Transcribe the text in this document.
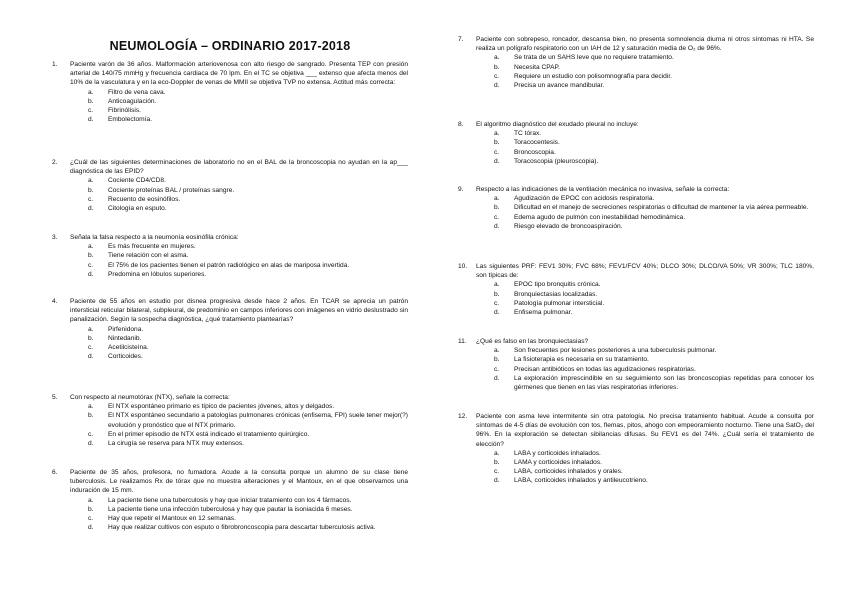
NEUMOLOGÍA – ORDINARIO 2017-2018
1.	Paciente varón de 36 años. Malformación arteriovenosa con alto riesgo de sangrado. Presenta TEP con presión arterial de 140/75 mmHg y frecuencia cardiaca de 70 lpm. En el TC se objetiva ___ extenso que afecta menos del 10% de la vasculatura y en la eco-Doppler de venas de MMII se objetiva TVP no extensa. Actitud más correcta:
a.	Filtro de vena cava.
b.	Anticoagulación.
c.	Fibrinólisis.
d.	Embolectomía.
2.	¿Cuál de las siguientes determinaciones de laboratorio no en el BAL de la broncoscopia no ayudan en la ap___ diagnóstica de las EPID?
a.	Cociente CD4/CD8.
b.	Cociente proteínas BAL / proteínas sangre.
c.	Recuento de eosinófilos.
d.	Citología en esputo.
3.	Señala la falsa respecto a la neumonía eosinófila crónica:
a.	Es más frecuente en mujeres.
b.	Tiene relación con el asma.
c.	El 75% de los pacientes tienen el patrón radiológico en alas de mariposa invertida.
d.	Predomina en lóbulos superiores.
4.	Paciente de 55 años en estudio por disnea progresiva desde hace 2 años. En TCAR se aprecia un patrón intersticial reticular bilateral, subpleural, de predominio en campos inferiores con imágenes en vidrio deslustrado sin panalización. Según la sospecha diagnóstica, ¿qué tratamiento plantearías?
a.	Pirfenidona.
b.	Nintedanib.
c.	Acetilcisteína.
d.	Corticoides.
5.	Con respecto al neumotórax (NTX), señale la correcta:
a.	El NTX espontáneo primario es típico de pacientes jóvenes, altos y delgados.
b.	El NTX espontáneo secundario a patologías pulmonares crónicas (enfisema, FPI) suele tener mejor(?) evolución y pronóstico que el NTX primario.
c.	En el primer episodio de NTX está indicado el tratamiento quirúrgico.
d.	La cirugía se reserva para NTX muy extensos.
6.	Paciente de 35 años, profesora, no fumadora. Acude a la consulta porque un alumno de su clase tiene tuberculosis. Le realizamos Rx de tórax que no muestra alteraciones y el Mantoux, en el que observamos una induración de 15 mm.
a.	La paciente tiene una tuberculosis y hay que iniciar tratamiento con los 4 fármacos.
b.	La paciente tiene una infección tuberculosa y hay que pautar la isoniacida 6 meses.
c.	Hay que repetir el Mantoux en 12 semanas.
d.	Hay que realizar cultivos con esputo o fibrobroncoscopia para descartar tuberculosis activa.
7.	Paciente con sobrepeso, roncador, descansa bien, no presenta somnolencia diurna ni otros síntomas ni HTA. Se realiza un polígrafo respiratorio con un IAH de 12 y saturación media de O₂ de 96%.
a.	Se trata de un SAHS leve que no requiere tratamiento.
b.	Necesita CPAP.
c.	Requiere un estudio con polisomnografía para decidir.
d.	Precisa un avance mandibular.
8.	El algoritmo diagnóstico del exudado pleural no incluye:
a.	TC tórax.
b.	Toracocentesis.
c.	Broncoscopia.
d.	Toracoscopia (pleuroscopia).
9.	Respecto a las indicaciones de la ventilación mecánica no invasiva, señale la correcta:
a.	Agudización de EPOC con acidosis respiratoria.
b.	Dificultad en el manejo de secreciones respiratorias o dificultad de mantener la vía aérea permeable.
c.	Edema agudo de pulmón con inestabilidad hemodinámica.
d.	Riesgo elevado de broncoaspiración.
10.	Las siguientes PRF: FEV1 30%; FVC 68%; FEV1/FCV 40%; DLCO 30%; DLCO/VA 50%; VR 300%; TLC 180%, son típicas de:
a.	EPOC tipo bronquitis crónica.
b.	Bronquiectasias localizadas.
c.	Patología pulmonar intersticial.
d.	Enfisema pulmonar.
11.	¿Qué es falso en las bronquiectasias?
a.	Son frecuentes por lesiones posteriores a una tuberculosis pulmonar.
b.	La fisioterapia es necesaria en su tratamiento.
c.	Precisan antibióticos en todas las agudizaciones respiratorias.
d.	La exploración imprescindible en su seguimiento son las broncoscopias repetidas para conocer los gérmenes que tienen en las vías respiratorias inferiores.
12.	Paciente con asma leve intermitente sin otra patología. No precisa tratamiento habitual. Acude a consulta por síntomas de 4-5 días de evolución con tos, flemas, pitos, ahogo con empeoramiento nocturno. Tiene una SatO₂ del 96%. En la exploración se detectan sibilancias difusas. Su FEV1 es del 74%. ¿Cuál sería el tratamiento de elección?
a.	LABA y corticoides inhalados.
b.	LAMA y corticoides inhalados.
c.	LABA, corticoides inhalados y orales.
d.	LABA, corticoides inhalados y antileucotrieno.
